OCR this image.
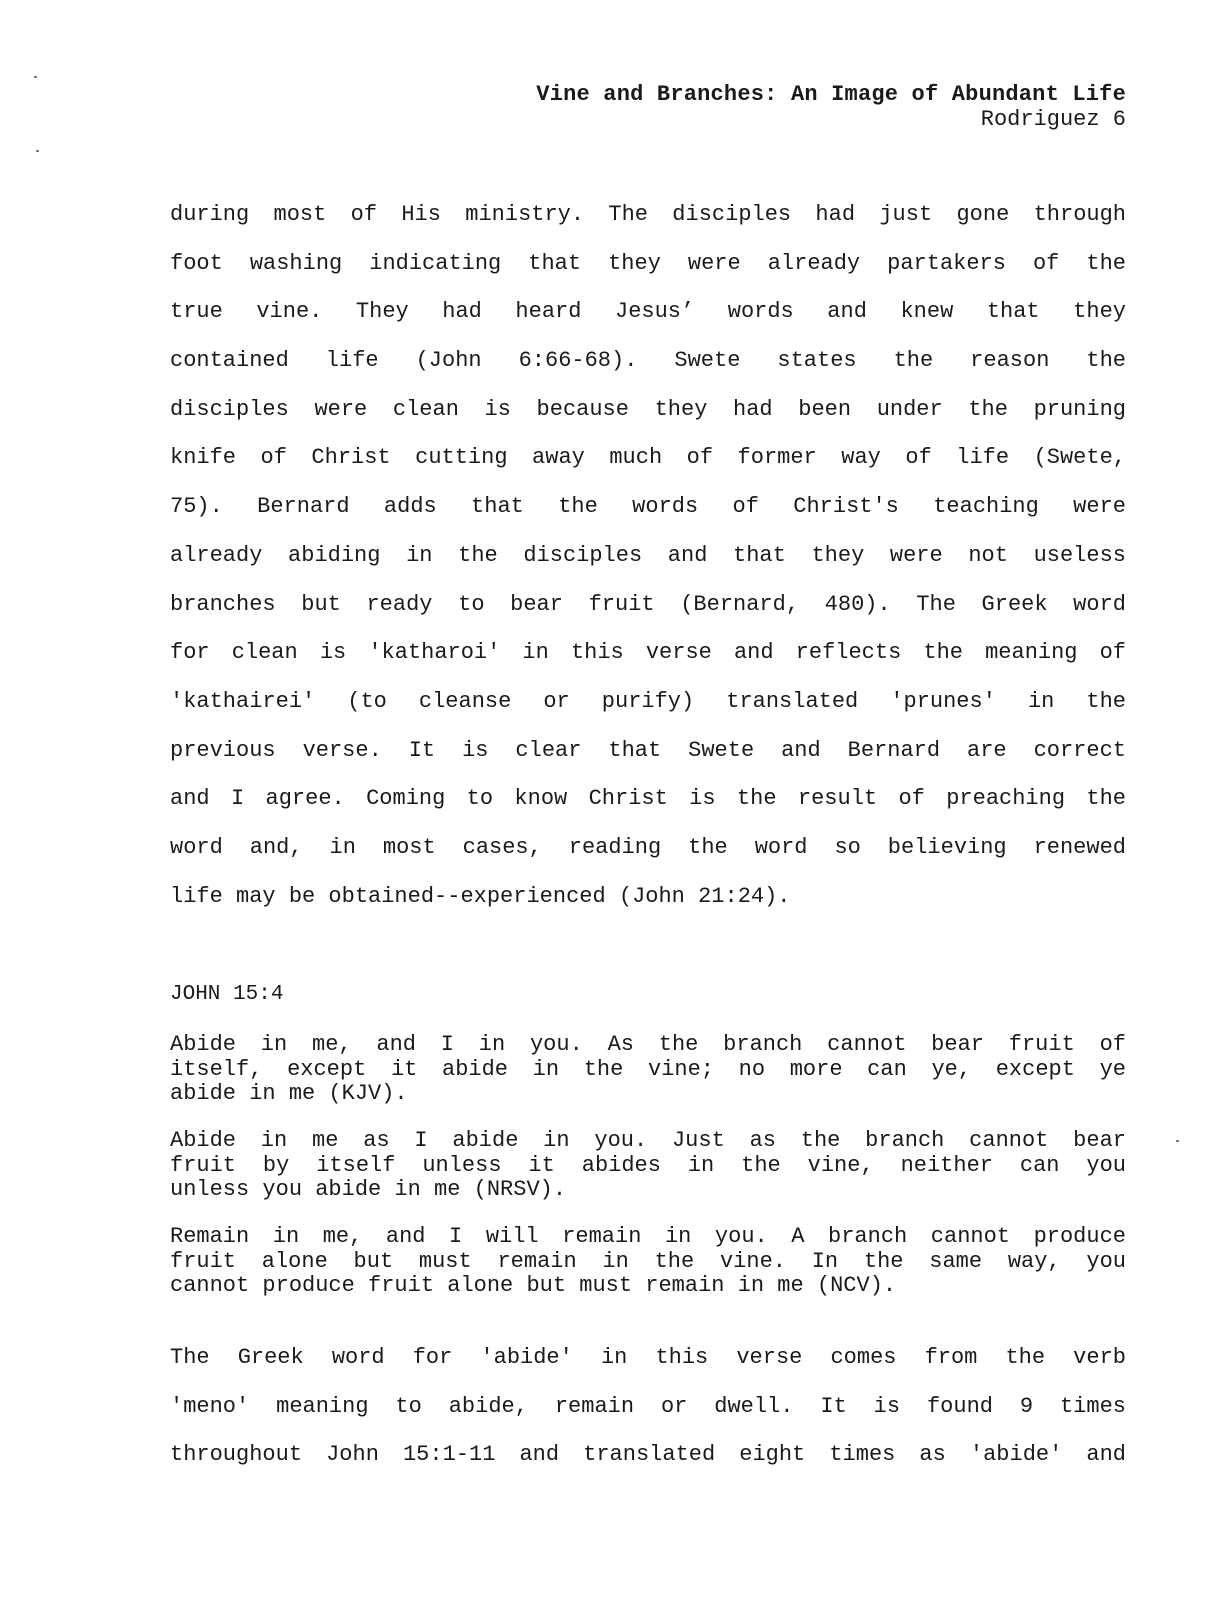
Vine and Branches: An Image of Abundant Life
Rodriguez 6
during most of His ministry. The disciples had just gone through
foot washing indicating that they were already partakers of the
true vine. They had heard Jesus’ words and knew that they
contained life (John 6:66-68). Swete states the reason the
disciples were clean is because they had been under the pruning
knife of Christ cutting away much of former way of life (Swete,
75). Bernard adds that the words of Christ's teaching were
already abiding in the disciples and that they were not useless
branches but ready to bear fruit (Bernard, 480). The Greek word
for clean is 'katharoi' in this verse and reflects the meaning of
'kathairei' (to cleanse or purify) translated 'prunes' in the
previous verse. It is clear that Swete and Bernard are correct
and I agree. Coming to know Christ is the result of preaching the
word and, in most cases, reading the word so believing renewed
life may be obtained--experienced (John 21:24).
JOHN 15:4
Abide in me, and I in you. As the branch cannot bear fruit of
itself, except it abide in the vine; no more can ye, except ye
abide in me (KJV).
Abide in me as I abide in you. Just as the branch cannot bear
fruit by itself unless it abides in the vine, neither can you
unless you abide in me (NRSV).
Remain in me, and I will remain in you. A branch cannot produce
fruit alone but must remain in the vine. In the same way, you
cannot produce fruit alone but must remain in me (NCV).
The Greek word for 'abide' in this verse comes from the verb
'meno' meaning to abide, remain or dwell. It is found 9 times
throughout John 15:1-11 and translated eight times as 'abide' and
